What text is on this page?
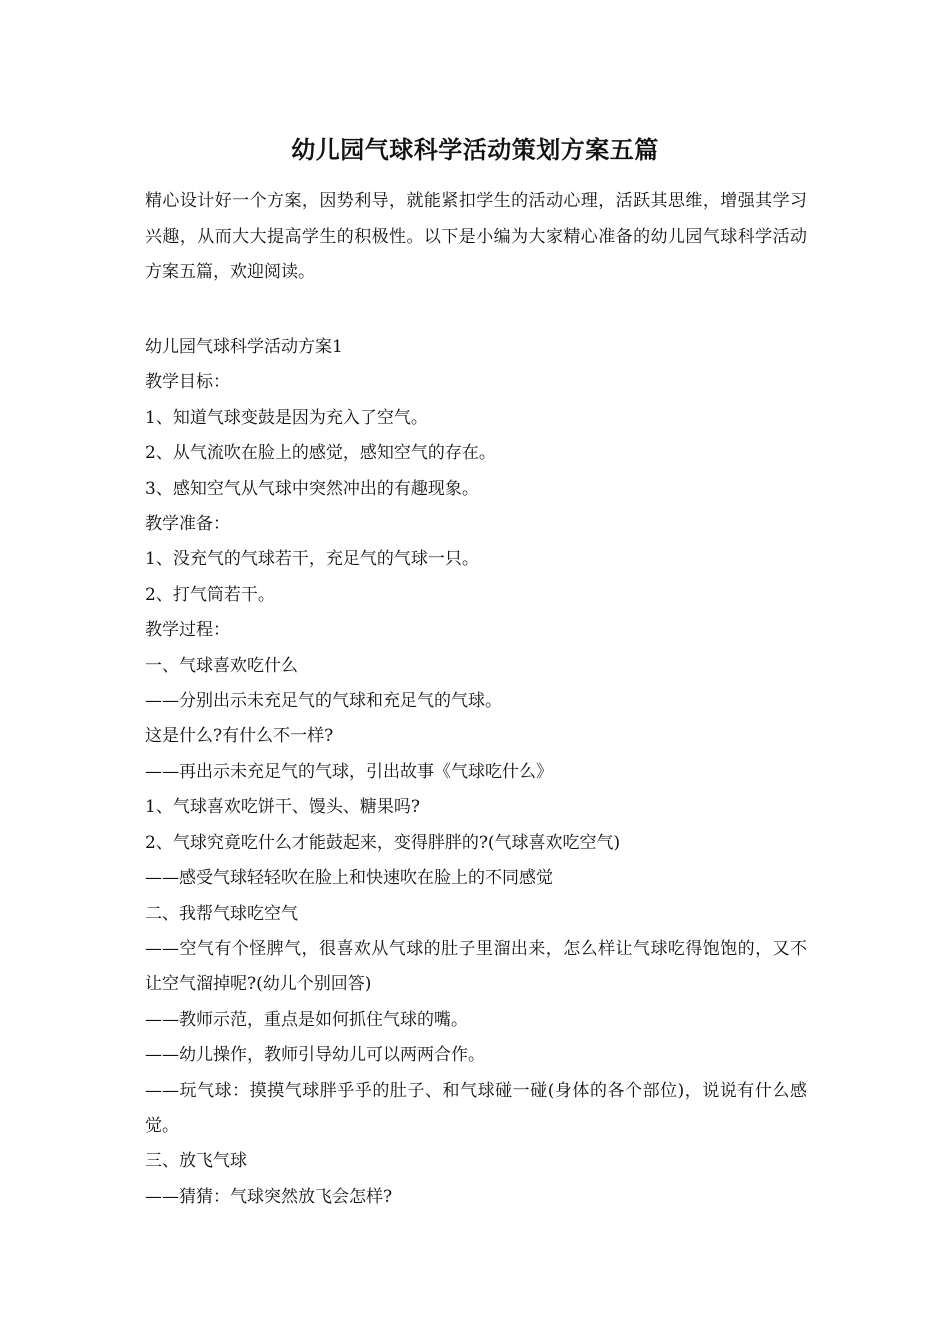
幼儿园气球科学活动策划方案五篇

精心设计好一个方案，因势利导，就能紧扣学生的活动心理，活跃其思维，增强其学习兴趣，从而大大提高学生的积极性。以下是小编为大家精心准备的幼儿园气球科学活动方案五篇，欢迎阅读。

幼儿园气球科学活动方案1

教学目标：

1、知道气球变鼓是因为充入了空气。

2、从气流吹在脸上的感觉，感知空气的存在。

3、感知空气从气球中突然冲出的有趣现象。

教学准备：

1、没充气的气球若干，充足气的气球一只。

2、打气筒若干。

教学过程：

一、气球喜欢吃什么

——分别出示未充足气的气球和充足气的气球。

这是什么?有什么不一样?

——再出示未充足气的气球，引出故事《气球吃什么》

1、气球喜欢吃饼干、馒头、糖果吗?

2、气球究竟吃什么才能鼓起来，变得胖胖的?(气球喜欢吃空气)

——感受气球轻轻吹在脸上和快速吹在脸上的不同感觉

二、我帮气球吃空气

——空气有个怪脾气，很喜欢从气球的肚子里溜出来，怎么样让气球吃得饱饱的，又不让空气溜掉呢?(幼儿个别回答)

——教师示范，重点是如何抓住气球的嘴。

——幼儿操作，教师引导幼儿可以两两合作。

——玩气球：摸摸气球胖乎乎的肚子、和气球碰一碰(身体的各个部位)，说说有什么感觉。

三、放飞气球

——猜猜：气球突然放飞会怎样?
